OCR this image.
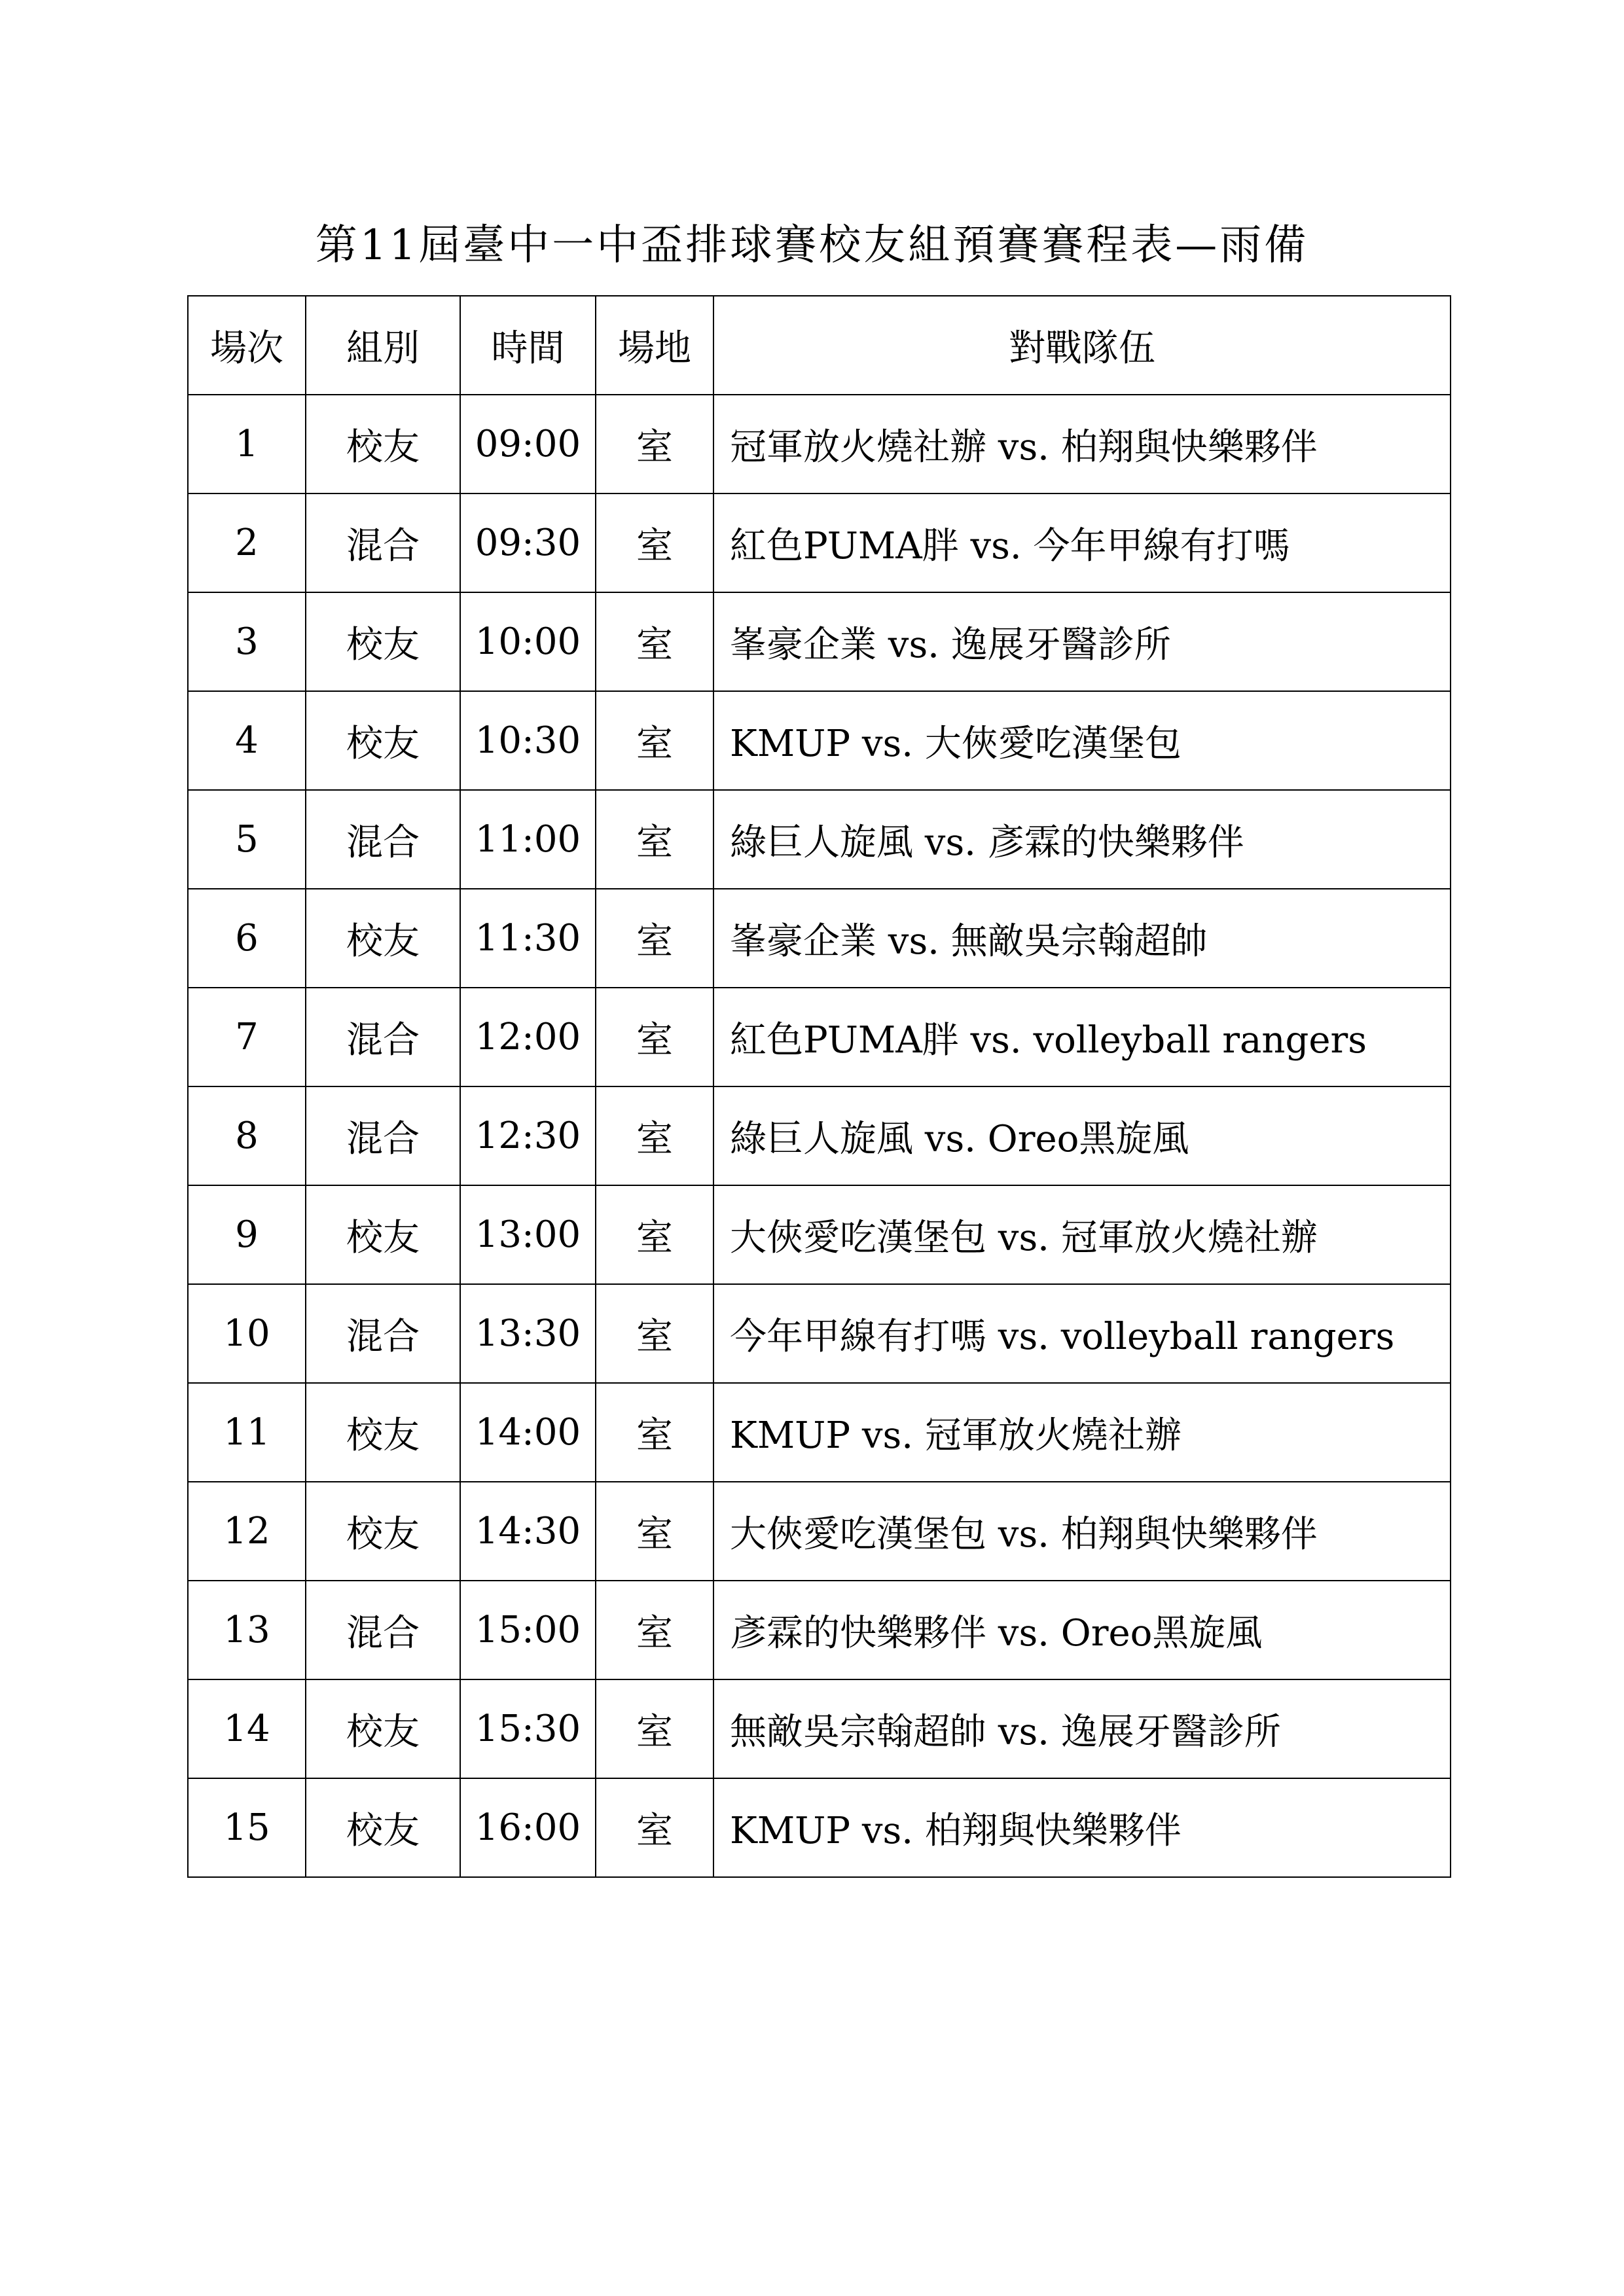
第11屆臺中一中盃排球賽校友組預賽賽程表—雨備
場次	組別	時間	場地	對戰隊伍
1	校友	09:00	室	冠軍放火燒社辦 vs. 柏翔與快樂夥伴
2	混合	09:30	室	紅色PUMA胖 vs. 今年甲線有打嗎
3	校友	10:00	室	峯豪企業 vs. 逸展牙醫診所
4	校友	10:30	室	KMUP vs. 大俠愛吃漢堡包
5	混合	11:00	室	綠巨人旋風 vs. 彥霖的快樂夥伴
6	校友	11:30	室	峯豪企業 vs. 無敵吳宗翰超帥
7	混合	12:00	室	紅色PUMA胖 vs. volleyball rangers
8	混合	12:30	室	綠巨人旋風 vs. Oreo黑旋風
9	校友	13:00	室	大俠愛吃漢堡包 vs. 冠軍放火燒社辦
10	混合	13:30	室	今年甲線有打嗎 vs. volleyball rangers
11	校友	14:00	室	KMUP vs. 冠軍放火燒社辦
12	校友	14:30	室	大俠愛吃漢堡包 vs. 柏翔與快樂夥伴
13	混合	15:00	室	彥霖的快樂夥伴 vs. Oreo黑旋風
14	校友	15:30	室	無敵吳宗翰超帥 vs. 逸展牙醫診所
15	校友	16:00	室	KMUP vs. 柏翔與快樂夥伴
